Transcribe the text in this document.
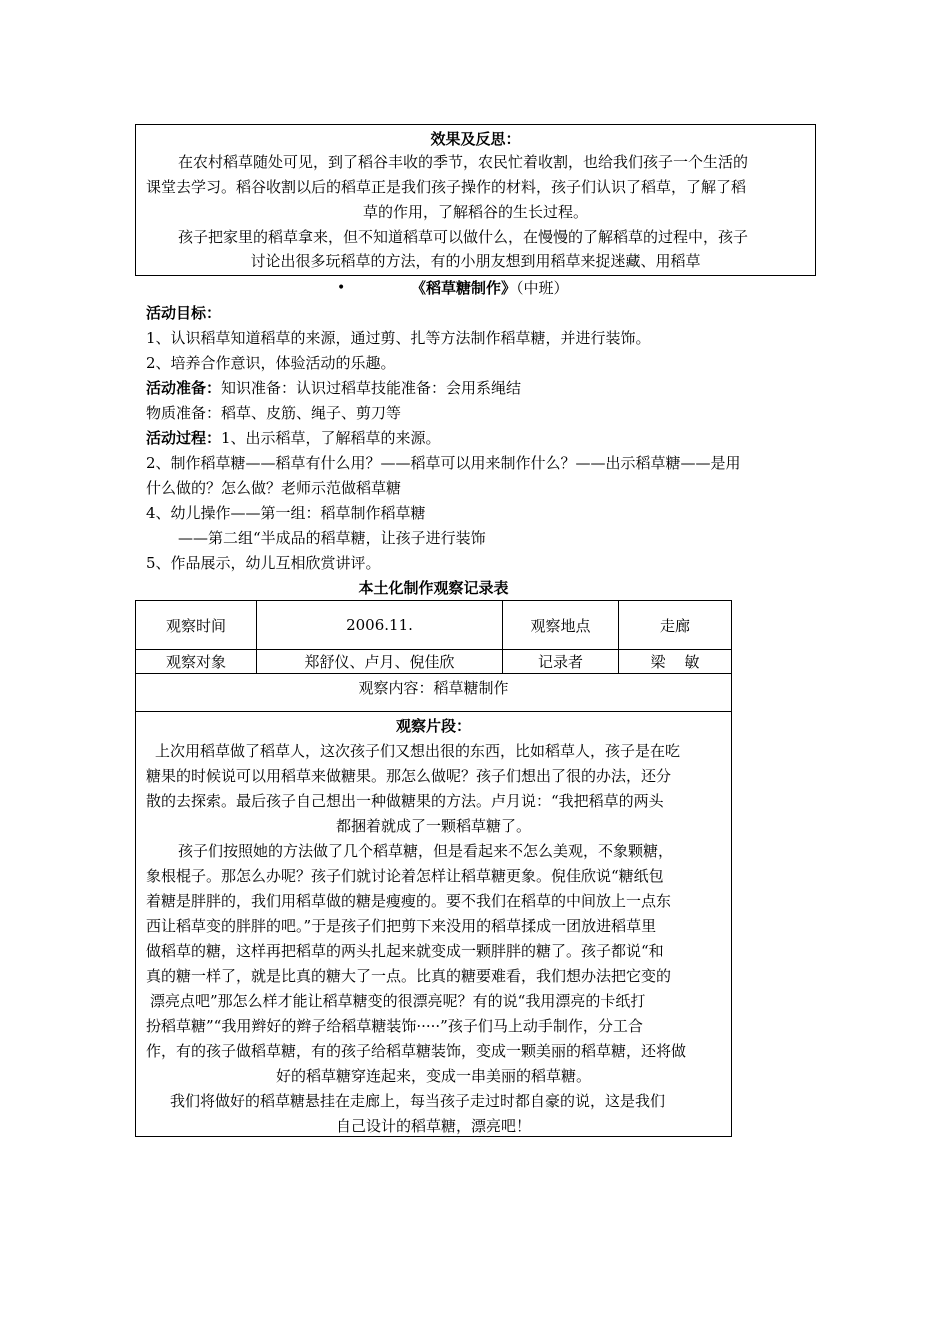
效果及反思：
在农村稻草随处可见，到了稻谷丰收的季节，农民忙着收割，也给我们孩子一个生活的
课堂去学习。稻谷收割以后的稻草正是我们孩子操作的材料，孩子们认识了稻草，了解了稻
草的作用，了解稻谷的生长过程。
孩子把家里的稻草拿来，但不知道稻草可以做什么，在慢慢的了解稻草的过程中，孩子
讨论出很多玩稻草的方法，有的小朋友想到用稻草来捉迷藏、用稻草
•	《稻草糖制作》（中班）
活动目标：
1、认识稻草知道稻草的来源，通过剪、扎等方法制作稻草糖，并进行装饰。
2、培养合作意识，体验活动的乐趣。
活动准备：知识准备：认识过稻草技能准备：会用系绳结
物质准备：稻草、皮筋、绳子、剪刀等
活动过程：1、出示稻草，了解稻草的来源。
2、制作稻草糖——稻草有什么用？——稻草可以用来制作什么？——出示稻草糖——是用
什么做的？怎么做？老师示范做稻草糖
4、幼儿操作——第一组：稻草制作稻草糖
——第二组“半成品的稻草糖，让孩子进行装饰
5、作品展示，幼儿互相欣赏讲评。
本土化制作观察记录表
观察时间	2006.11.	观察地点	走廊
观察对象	郑舒仪、卢月、倪佳欣	记录者	梁    敏
观察内容：稻草糖制作			

观察片段：
上次用稻草做了稻草人，这次孩子们又想出很的东西，比如稻草人，孩子是在吃
糖果的时候说可以用稻草来做糖果。那怎么做呢？孩子们想出了很的办法，还分
散的去探索。最后孩子自己想出一种做糖果的方法。卢月说：“我把稻草的两头
都捆着就成了一颗稻草糖了。
孩子们按照她的方法做了几个稻草糖，但是看起来不怎么美观，不象颗糖，
象根棍子。那怎么办呢？孩子们就讨论着怎样让稻草糖更象。倪佳欣说“糖纸包
着糖是胖胖的，我们用稻草做的糖是瘦瘦的。要不我们在稻草的中间放上一点东
西让稻草变的胖胖的吧。”于是孩子们把剪下来没用的稻草揉成一团放进稻草里
做稻草的糖，这样再把稻草的两头扎起来就变成一颗胖胖的糖了。孩子都说“和
真的糖一样了，就是比真的糖大了一点。比真的糖要难看，我们想办法把它变的
漂亮点吧”那怎么样才能让稻草糖变的很漂亮呢？有的说“我用漂亮的卡纸打
扮稻草糖”“我用辫好的辫子给稻草糖装饰·····”孩子们马上动手制作，分工合
作，有的孩子做稻草糖，有的孩子给稻草糖装饰，变成一颗美丽的稻草糖，还将做
好的稻草糖穿连起来，变成一串美丽的稻草糖。
我们将做好的稻草糖悬挂在走廊上，每当孩子走过时都自豪的说，这是我们
自己设计的稻草糖，漂亮吧！
